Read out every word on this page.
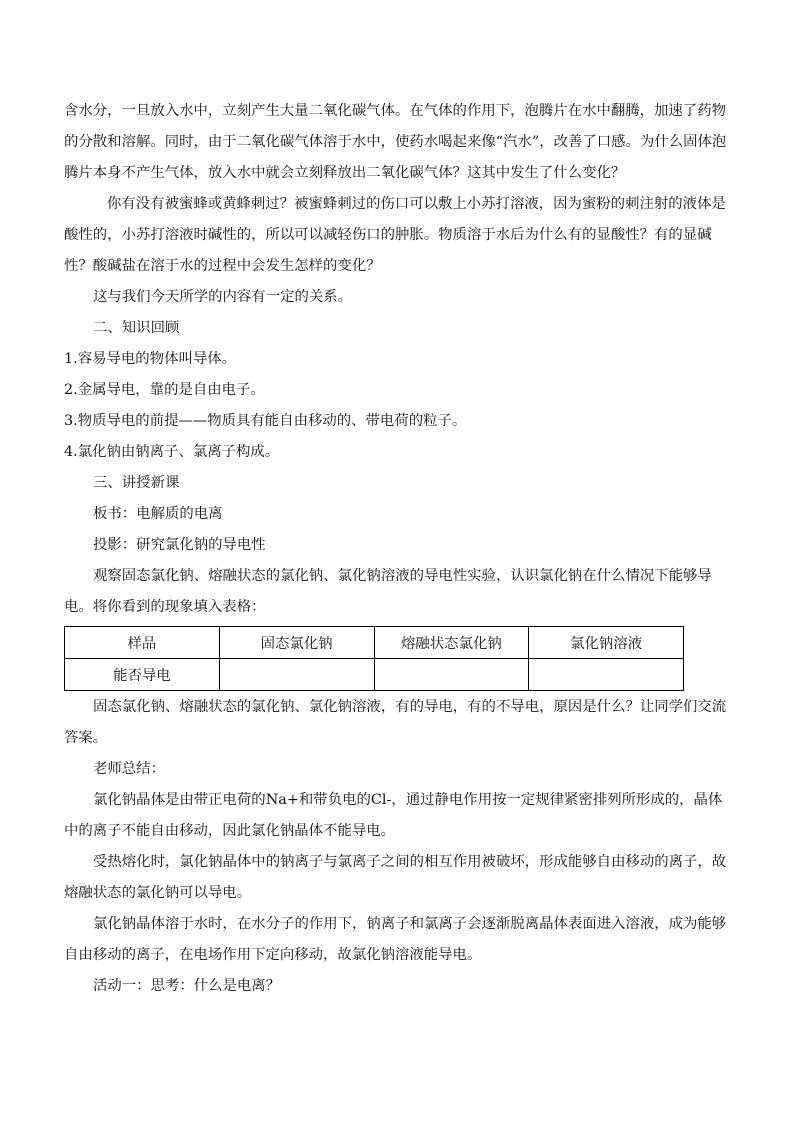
含水分，一旦放入水中，立刻产生大量二氧化碳气体。在气体的作用下，泡腾片在水中翻腾，加速了药物的分散和溶解。同时，由于二氧化碳气体溶于水中，使药水喝起来像“汽水”，改善了口感。为什么固体泡腾片本身不产生气体，放入水中就会立刻释放出二氧化碳气体？这其中发生了什么变化？

你有没有被蜜蜂或黄蜂刺过？被蜜蜂刺过的伤口可以敷上小苏打溶液，因为蜜粉的刺注射的液体是酸性的，小苏打溶液时碱性的，所以可以减轻伤口的肿胀。物质溶于水后为什么有的显酸性？有的显碱性？酸碱盐在溶于水的过程中会发生怎样的变化？

这与我们今天所学的内容有一定的关系。

二、知识回顾

1.容易导电的物体叫导体。

2.金属导电，靠的是自由电子。

3.物质导电的前提——物质具有能自由移动的、带电荷的粒子。

4.氯化钠由钠离子、氯离子构成。

三、讲授新课

板书：电解质的电离

投影：研究氯化钠的导电性

观察固态氯化钠、熔融状态的氯化钠、氯化钠溶液的导电性实验，认识氯化钠在什么情况下能够导电。将你看到的现象填入表格：

样品	固态氯化钠	熔融状态氯化钠	氯化钠溶液
能否导电			

固态氯化钠、熔融状态的氯化钠、氯化钠溶液，有的导电，有的不导电，原因是什么？让同学们交流答案。

老师总结：

氯化钠晶体是由带正电荷的Na+和带负电的Cl-，通过静电作用按一定规律紧密排列所形成的，晶体中的离子不能自由移动，因此氯化钠晶体不能导电。

受热熔化时，氯化钠晶体中的钠离子与氯离子之间的相互作用被破坏，形成能够自由移动的离子，故熔融状态的氯化钠可以导电。

氯化钠晶体溶于水时，在水分子的作用下，钠离子和氯离子会逐渐脱离晶体表面进入溶液，成为能够自由移动的离子，在电场作用下定向移动，故氯化钠溶液能导电。

活动一：思考：什么是电离？
